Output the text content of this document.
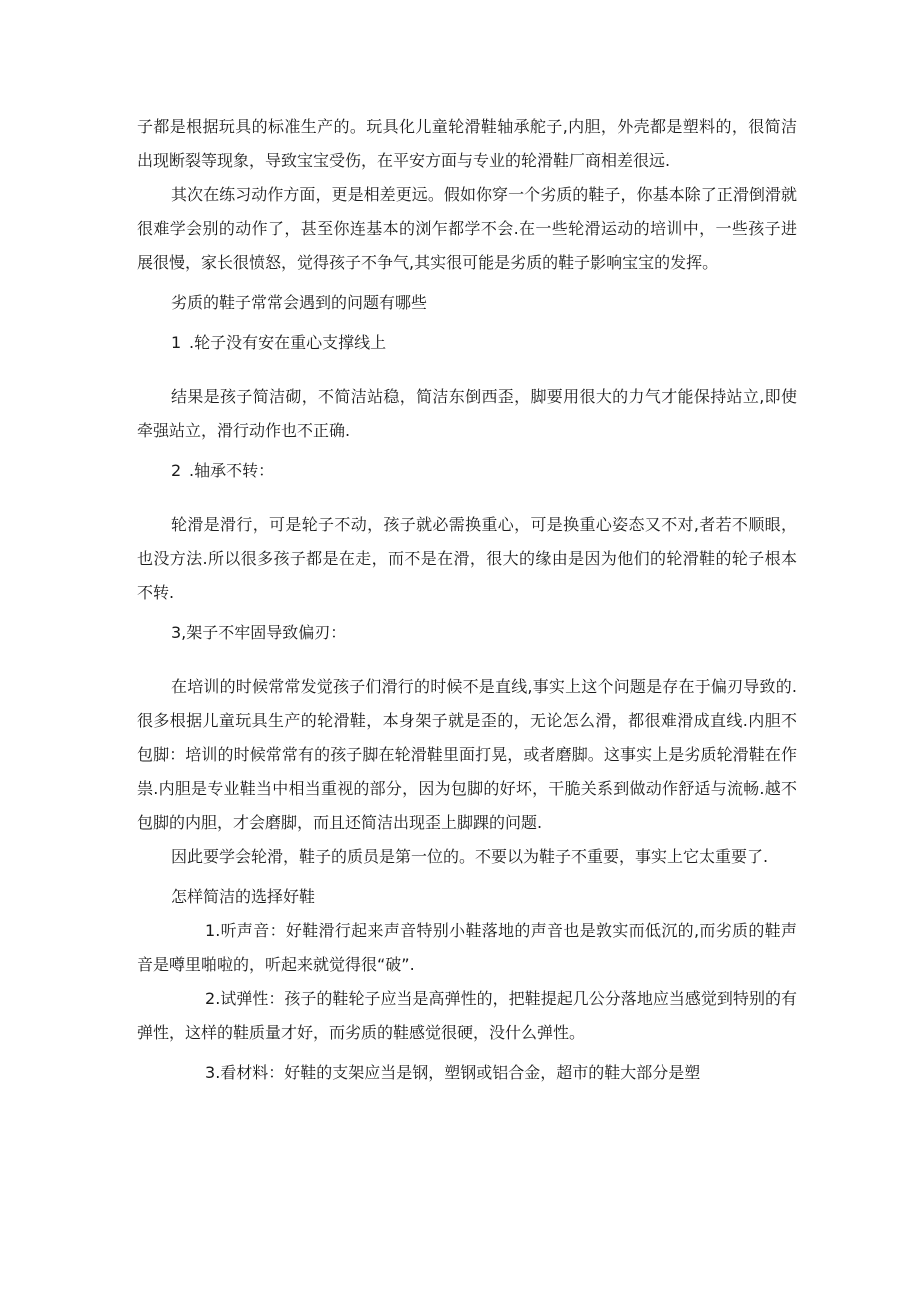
子都是根据玩具的标准生产的。玩具化儿童轮滑鞋轴承舵子,内胆，外壳都是塑料的，很简洁出现断裂等现象，导致宝宝受伤，在平安方面与专业的轮滑鞋厂商相差很远.

其次在练习动作方面，更是相差更远。假如你穿一个劣质的鞋子，你基本除了正滑倒滑就很难学会别的动作了，甚至你连基本的浏乍都学不会.在一些轮滑运动的培训中，一些孩子进展很慢，家长很愤怒，觉得孩子不争气,其实很可能是劣质的鞋子影响宝宝的发挥。

劣质的鞋子常常会遇到的问题有哪些

1 .轮子没有安在重心支撑线上

结果是孩子简洁砌，不简洁站稳，简洁东倒西歪，脚要用很大的力气才能保持站立,即使牵强站立，滑行动作也不正确.

2 .轴承不转：

轮滑是滑行，可是轮子不动，孩子就必需换重心，可是换重心姿态又不对,者若不顺眼，也没方法.所以很多孩子都是在走，而不是在滑，很大的缘由是因为他们的轮滑鞋的轮子根本不转.

3,架子不牢固导致偏刃：

在培训的时候常常发觉孩子们滑行的时候不是直线,事实上这个问题是存在于偏刃导致的.很多根据儿童玩具生产的轮滑鞋，本身架子就是歪的，无论怎么滑，都很难滑成直线.内胆不包脚：培训的时候常常有的孩子脚在轮滑鞋里面打晃，或者磨脚。这事实上是劣质轮滑鞋在作祟.内胆是专业鞋当中相当重视的部分，因为包脚的好坏，干脆关系到做动作舒适与流畅.越不包脚的内胆，才会磨脚，而且还简洁出现歪上脚踝的问题.

因此要学会轮滑，鞋子的质员是第一位的。不要以为鞋子不重要，事实上它太重要了.

怎样简洁的选择好鞋

1.听声音：好鞋滑行起来声音特别小鞋落地的声音也是敦实而低沉的,而劣质的鞋声音是噂里啪啦的，听起来就觉得很“破”.

2.试弹性：孩子的鞋轮子应当是高弹性的，把鞋提起几公分落地应当感觉到特别的有弹性，这样的鞋质量才好，而劣质的鞋感觉很硬，没什么弹性。

3.看材料：好鞋的支架应当是钢，塑钢或铝合金，超市的鞋大部分是塑
